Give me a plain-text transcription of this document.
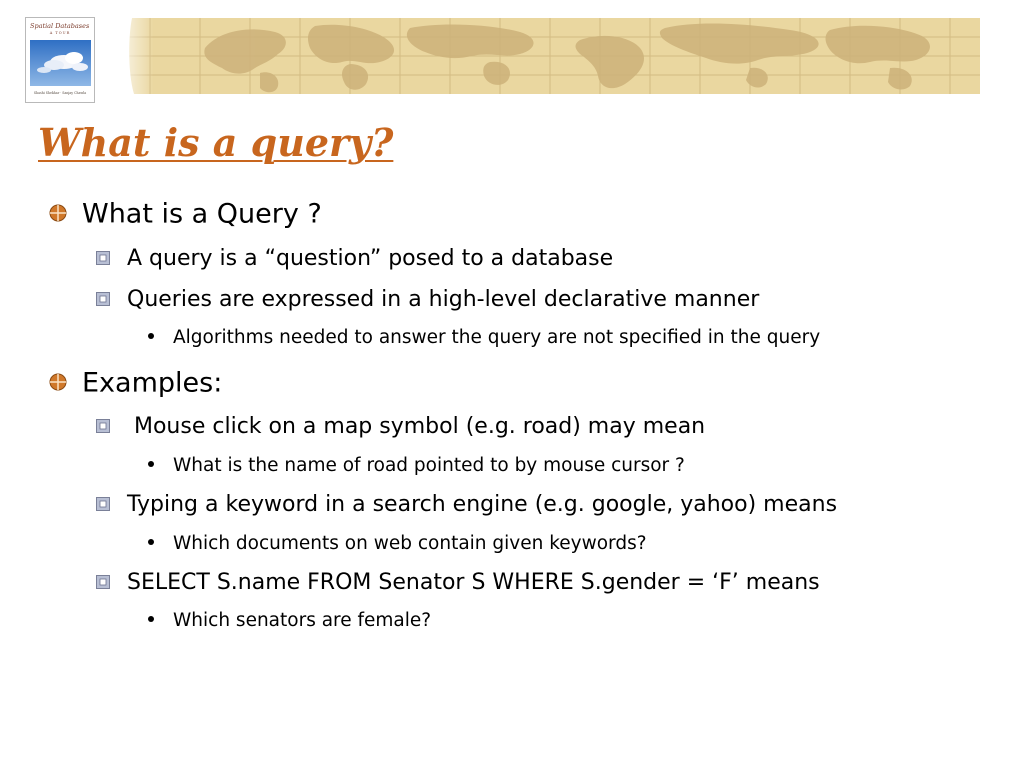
Spatial Databases
A TOUR
Shashi Shekhar · Sanjay Chawla
What is a query?
What is a Query ?
A query is a “question” posed to a database
Queries are expressed in a high-level declarative manner
Algorithms needed to answer the query are not specified in the query
Examples:
Mouse click on a map symbol (e.g. road) may mean
What is the name of road pointed to by mouse cursor ?
Typing a keyword in a search engine (e.g. google, yahoo) means
Which documents on web contain given keywords?
SELECT S.name FROM Senator S WHERE S.gender = ‘F’ means
Which senators are female?
